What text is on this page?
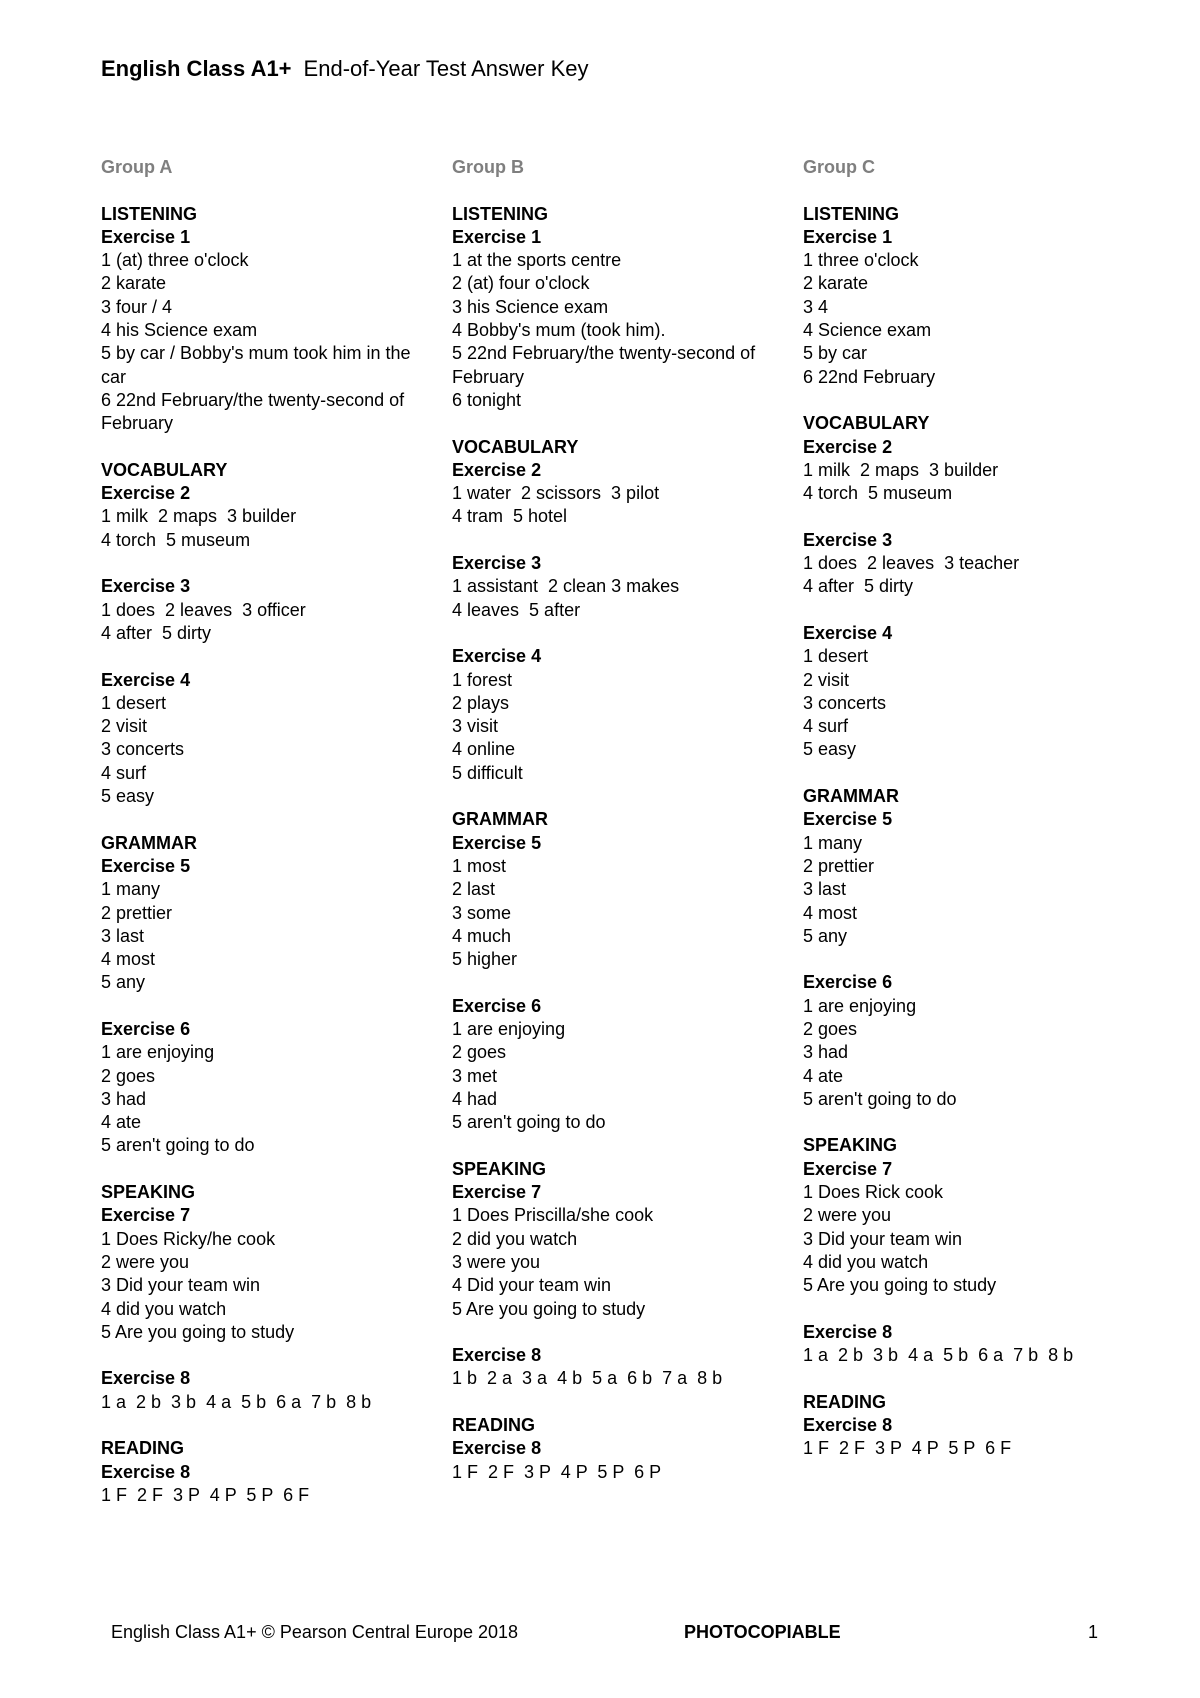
English Class A1+ End-of-Year Test Answer Key
Group A
LISTENING
Exercise 1
1 (at) three o'clock
2 karate
3 four / 4
4 his Science exam
5 by car / Bobby's mum took him in the car
6 22nd February/the twenty-second of February
VOCABULARY
Exercise 2
1 milk  2 maps  3 builder
4 torch  5 museum
Exercise 3
1 does  2 leaves  3 officer
4 after  5 dirty
Exercise 4
1 desert
2 visit
3 concerts
4 surf
5 easy
GRAMMAR
Exercise 5
1 many
2 prettier
3 last
4 most
5 any
Exercise 6
1 are enjoying
2 goes
3 had
4 ate
5 aren't going to do
SPEAKING
Exercise 7
1 Does Ricky/he cook
2 were you
3 Did your team win
4 did you watch
5 Are you going to study
Exercise 8
1 a  2 b  3 b  4 a  5 b  6 a  7 b  8 b
READING
Exercise 8
1 F  2 F  3 P  4 P  5 P  6 F
Group B
LISTENING
Exercise 1
1 at the sports centre
2 (at) four o'clock
3 his Science exam
4 Bobby's mum (took him).
5 22nd February/the twenty-second of February
6 tonight
VOCABULARY
Exercise 2
1 water  2 scissors  3 pilot
4 tram  5 hotel
Exercise 3
1 assistant  2 clean 3 makes
4 leaves  5 after
Exercise 4
1 forest
2 plays
3 visit
4 online
5 difficult
GRAMMAR
Exercise 5
1 most
2 last
3 some
4 much
5 higher
Exercise 6
1 are enjoying
2 goes
3 met
4 had
5 aren't going to do
SPEAKING
Exercise 7
1 Does Priscilla/she cook
2 did you watch
3 were you
4 Did your team win
5 Are you going to study
Exercise 8
1 b  2 a  3 a  4 b  5 a  6 b  7 a  8 b
READING
Exercise 8
1 F  2 F  3 P  4 P  5 P  6 P
Group C
LISTENING
Exercise 1
1 three o'clock
2 karate
3 4
4 Science exam
5 by car
6 22nd February
VOCABULARY
Exercise 2
1 milk  2 maps  3 builder
4 torch  5 museum
Exercise 3
1 does  2 leaves  3 teacher
4 after  5 dirty
Exercise 4
1 desert
2 visit
3 concerts
4 surf
5 easy
GRAMMAR
Exercise 5
1 many
2 prettier
3 last
4 most
5 any
Exercise 6
1 are enjoying
2 goes
3 had
4 ate
5 aren't going to do
SPEAKING
Exercise 7
1 Does Rick cook
2 were you
3 Did your team win
4 did you watch
5 Are you going to study
Exercise 8
1 a  2 b  3 b  4 a  5 b  6 a  7 b  8 b
READING
Exercise 8
1 F  2 F  3 P  4 P  5 P  6 F
English Class A1+ © Pearson Central Europe 2018	PHOTOCOPIABLE	1
